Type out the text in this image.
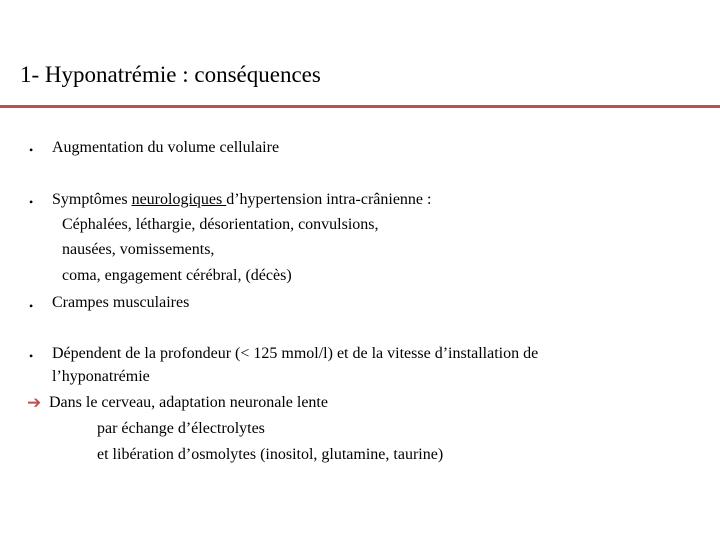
1- Hyponatrémie : conséquences
• Augmentation du volume cellulaire
• Symptômes neurologiques d’hypertension intra-crânienne :
Céphalées, léthargie, désorientation, convulsions,
nausées, vomissements,
coma, engagement cérébral, (décès)
• Crampes musculaires
• Dépendent de la profondeur (< 125 mmol/l) et de la vitesse d’installation de
l’hyponatrémie
➔ Dans le cerveau, adaptation neuronale lente
par échange d’électrolytes
et libération d’osmolytes (inositol, glutamine, taurine)
